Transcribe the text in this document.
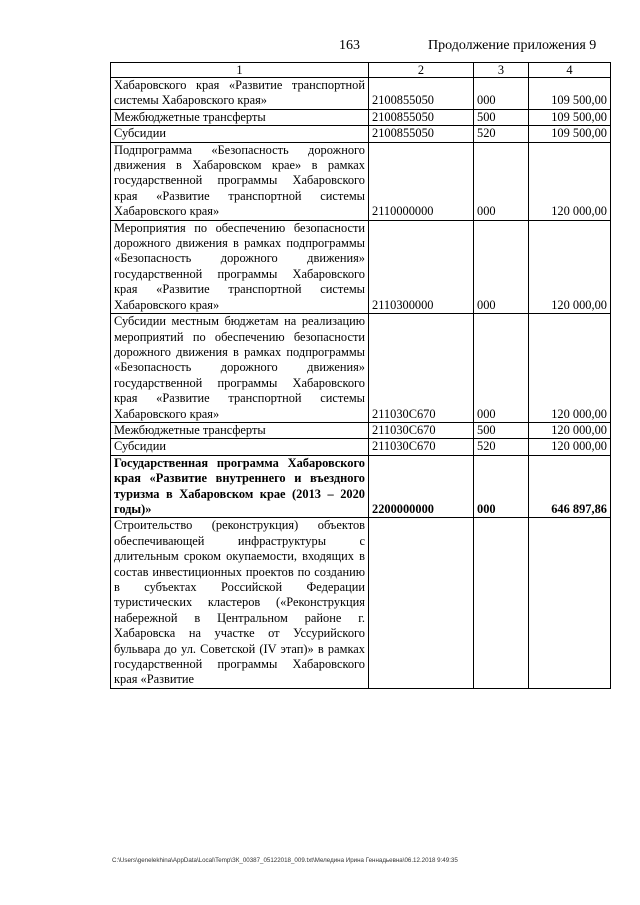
163	Продолжение приложения 9
1	2	3	4
Хабаровского края «Развитие транспортной системы Хабаровского края»	2100855050	000	109 500,00
Межбюджетные трансферты	2100855050	500	109 500,00
Субсидии	2100855050	520	109 500,00
Подпрограмма «Безопасность дорожного движения в Хабаровском крае» в рамках государственной программы Хабаровского края «Развитие транспортной системы Хабаровского края»	2110000000	000	120 000,00
Мероприятия по обеспечению безопасности дорожного движения в рамках подпрограммы «Безопасность дорожного движения» государственной программы Хабаровского края «Развитие транспортной системы Хабаровского края»	2110300000	000	120 000,00
Субсидии местным бюджетам на реализацию мероприятий по обеспечению безопасности дорожного движения в рамках подпрограммы «Безопасность дорожного движения» государственной программы Хабаровского края «Развитие транспортной системы Хабаровского края»	211030С670	000	120 000,00
Межбюджетные трансферты	211030С670	500	120 000,00
Субсидии	211030С670	520	120 000,00
Государственная программа Хабаровского края «Развитие внутреннего и въездного туризма в Хабаровском крае (2013 – 2020 годы)»	2200000000	000	646 897,86
Строительство (реконструкция) объектов обеспечивающей инфраструктуры с длительным сроком окупаемости, входящих в состав инвестиционных проектов по созданию в субъектах Российской Федерации туристических кластеров («Реконструкция набережной в Центральном районе г. Хабаровска на участке от Уссурийского бульвара до ул. Советской (IV этап)» в рамках государственной программы Хабаровского края «Развитие			
C:\Users\genelekhina\AppData\Local\Temp\ЗК_00387_05122018_009.txt\Меледина Ирина Геннадьевна\06.12.2018 9:49:35
